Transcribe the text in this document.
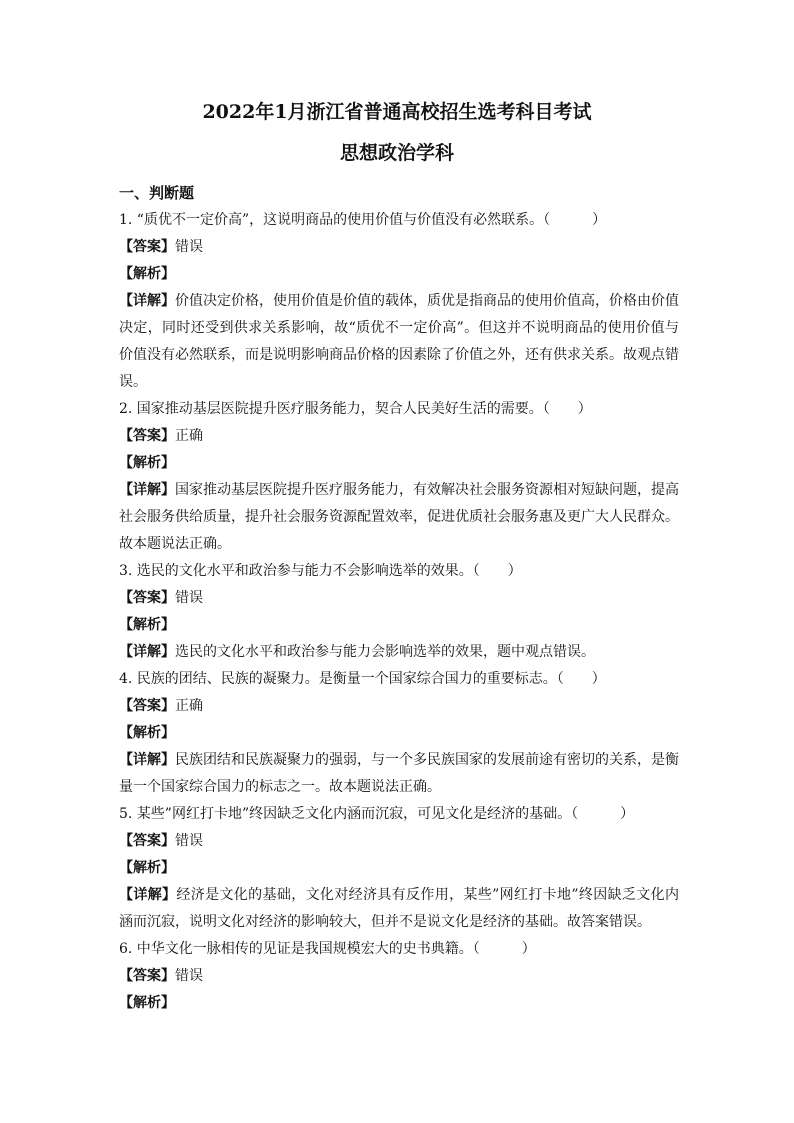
2022年1月浙江省普通高校招生选考科目考试
思想政治学科

一、判断题

1. “质优不一定价高”，这说明商品的使用价值与价值没有必然联系。（　　　）

【答案】错误

【解析】

【详解】价值决定价格，使用价值是价值的载体，质优是指商品的使用价值高，价格由价值决定，同时还受到供求关系影响，故“质优不一定价高”。但这并不说明商品的使用价值与价值没有必然联系，而是说明影响商品价格的因素除了价值之外，还有供求关系。故观点错误。

2. 国家推动基层医院提升医疗服务能力，契合人民美好生活的需要。（　　）

【答案】正确

【解析】

【详解】国家推动基层医院提升医疗服务能力，有效解决社会服务资源相对短缺问题，提高社会服务供给质量，提升社会服务资源配置效率，促进优质社会服务惠及更广大人民群众。故本题说法正确。

3. 选民的文化水平和政治参与能力不会影响选举的效果。（　　）

【答案】错误

【解析】

【详解】选民的文化水平和政治参与能力会影响选举的效果，题中观点错误。

4. 民族的团结、民族的凝聚力。是衡量一个国家综合国力的重要标志。（　　）

【答案】正确

【解析】

【详解】民族团结和民族凝聚力的强弱，与一个多民族国家的发展前途有密切的关系，是衡量一个国家综合国力的标志之一。故本题说法正确。

5. 某些”网红打卡地”终因缺乏文化内涵而沉寂，可见文化是经济的基础。（　　　）

【答案】错误

【解析】

【详解】经济是文化的基础，文化对经济具有反作用，某些”网红打卡地”终因缺乏文化内涵而沉寂，说明文化对经济的影响较大，但并不是说文化是经济的基础。故答案错误。

6. 中华文化一脉相传的见证是我国规模宏大的史书典籍。（　　　）

【答案】错误

【解析】
